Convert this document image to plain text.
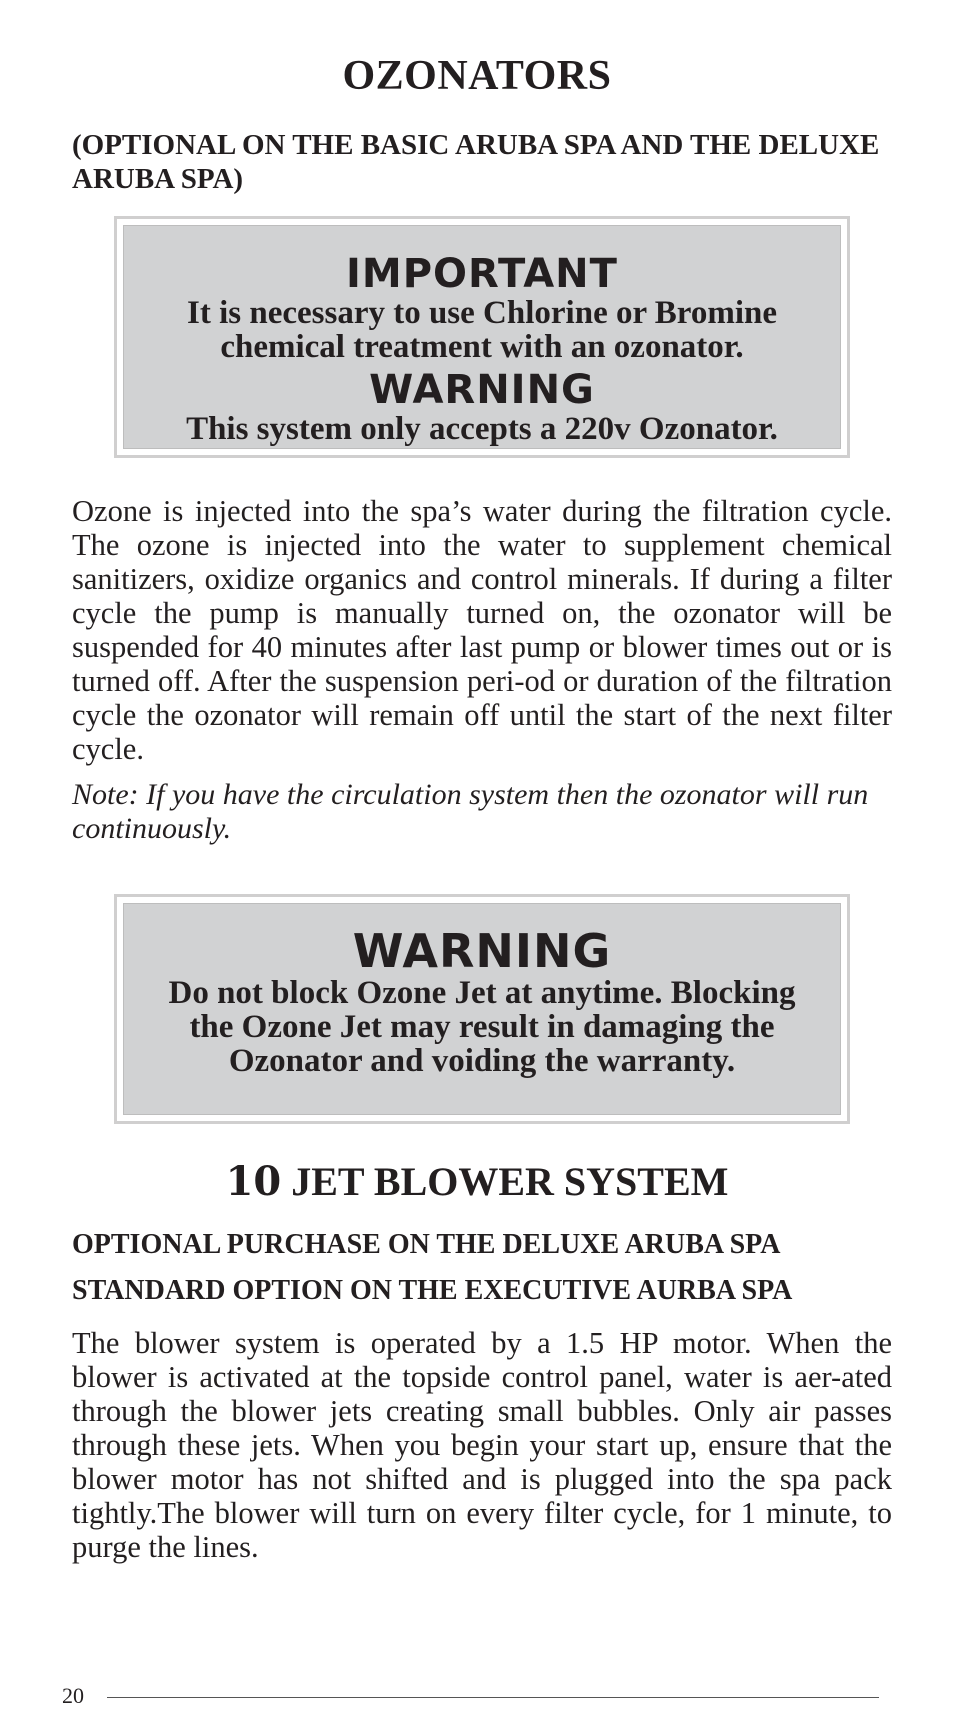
OZONATORS
(OPTIONAL ON THE BASIC ARUBA SPA AND THE DELUXE ARUBA SPA)
IMPORTANT
It is necessary to use Chlorine or Bromine chemical treatment with an ozonator.
WARNING
This system only accepts a 220v Ozonator.
Ozone is injected into the spa’s water during the filtration cycle. The ozone is injected into the water to supplement chemical sanitizers, oxidize organics and control minerals. If during a filter cycle the pump is manually turned on, the ozonator will be suspended for 40 minutes after last pump or blower times out or is turned off. After the suspension peri-od or duration of the filtration cycle the ozonator will remain off until the start of the next filter cycle.
Note: If you have the circulation system then the ozonator will run continuously.
WARNING
Do not block Ozone Jet at anytime. Blocking the Ozone Jet may result in damaging the Ozonator and voiding the warranty.
10 JET BLOWER SYSTEM
OPTIONAL PURCHASE ON THE DELUXE ARUBA SPA
STANDARD OPTION ON THE EXECUTIVE AURBA SPA
The blower system is operated by a 1.5 HP motor. When the blower is activated at the topside control panel, water is aer-ated through the blower jets creating small bubbles. Only air passes through these jets. When you begin your start up, ensure that the blower motor has not shifted and is plugged into the spa pack tightly.The blower will turn on every filter cycle, for 1 minute, to purge the lines.
20
